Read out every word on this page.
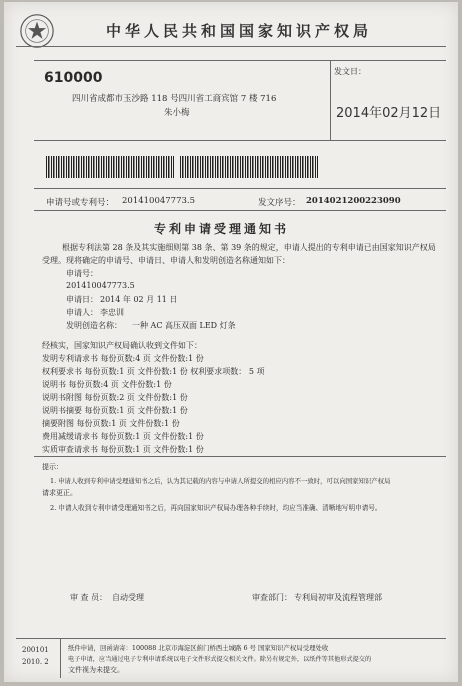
中华人民共和国国家知识产权局
610000
四川省成都市玉沙路 118 号四川省工商宾馆 7 楼 716
朱小梅
发文日：
2014年02月12日
申请号或专利号： 201410047773.5	发文序号： 2014021200223090
专利申请受理通知书
根据专利法第 28 条及其实施细则第 38 条、第 39 条的规定，申请人提出的专利申请已由国家知识产权局
受理。现将确定的申请号、申请日、申请人和发明创造名称通知如下：
申请号：
201410047773.5
申请日： 2014 年 02 月 11 日
申请人： 李忠训
发明创造名称： 一种 AC 高压双面 LED 灯条
经核实，国家知识产权局确认收到文件如下：
发明专利请求书 每份页数:4 页 文件份数:1 份
权利要求书 每份页数:1 页 文件份数:1 份 权利要求项数： 5 项
说明书 每份页数:4 页 文件份数:1 份
说明书附图 每份页数:2 页 文件份数:1 份
说明书摘要 每份页数:1 页 文件份数:1 份
摘要附图 每份页数:1 页 文件份数:1 份
费用减缓请求书 每份页数:1 页 文件份数:1 份
实质审查请求书 每份页数:1 页 文件份数:1 份
提示：
1. 申请人收到专利申请受理通知书之后，认为其记载的内容与申请人所提交的相应内容不一致时，可以向国家知识产权局
请求更正。
2. 申请人收到专利申请受理通知书之后，再向国家知识产权局办理各种手续时，均应当准确、清晰地写明申请号。
审 查 员： 自动受理	审查部门： 专利局初审及流程管理部
200101
2010. 2
纸件申请，回函请寄：100088 北京市海淀区蓟门桥西土城路 6 号 国家知识产权局受理处收
电子申请，应当通过电子专利申请系统以电子文件形式提交相关文件。除另有规定外，以纸件等其他形式提交的
文件视为未提交。
